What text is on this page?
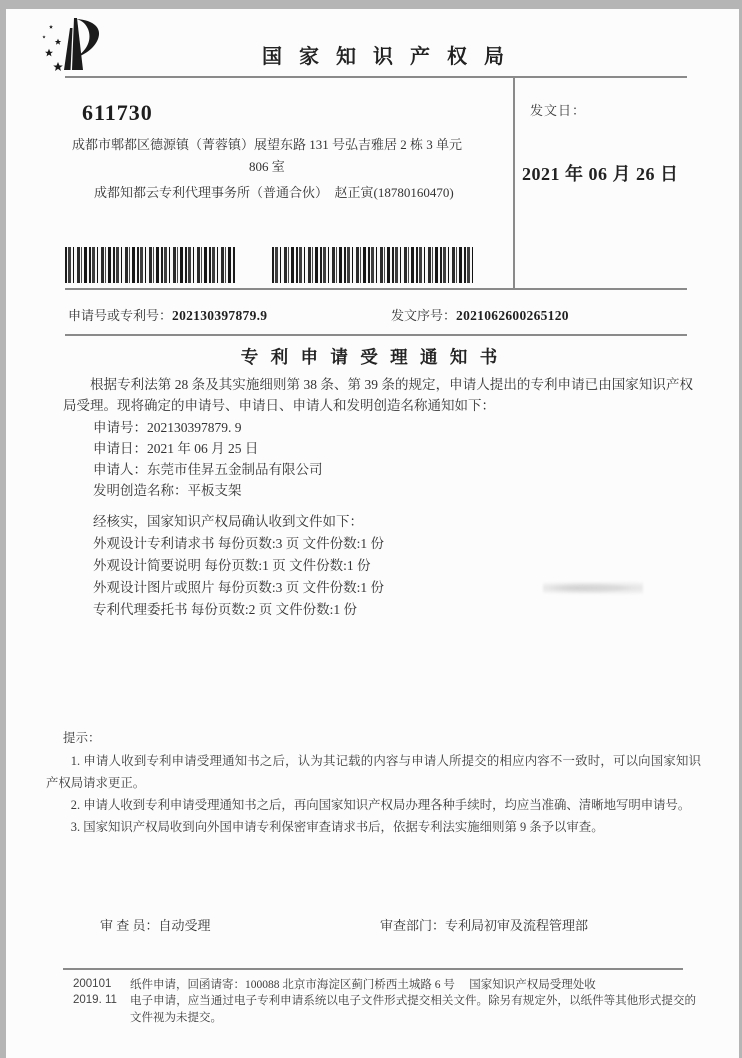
国 家 知 识 产 权 局
发文日：
2021 年 06 月 26 日
611730
成都市郫都区德源镇（菁蓉镇）展望东路 131 号弘吉雅居 2 栋 3 单元
806 室
成都知都云专利代理事务所（普通合伙）　赵正寅(18780160470)
申请号或专利号：202130397879.9	发文序号：2021062600265120
专 利 申 请 受 理 通 知 书
根据专利法第 28 条及其实施细则第 38 条、第 39 条的规定，申请人提出的专利申请已由国家知识产权局受理。现将确定的申请号、申请日、申请人和发明创造名称通知如下：
申请号：202130397879. 9
申请日：2021 年 06 月 25 日
申请人：东莞市佳昇五金制品有限公司
发明创造名称：平板支架
经核实，国家知识产权局确认收到文件如下：
外观设计专利请求书 每份页数:3 页 文件份数:1 份
外观设计简要说明 每份页数:1 页 文件份数:1 份
外观设计图片或照片 每份页数:3 页 文件份数:1 份
专利代理委托书 每份页数:2 页 文件份数:1 份
提示：

1. 申请人收到专利申请受理通知书之后，认为其记载的内容与申请人所提交的相应内容不一致时，可以向国家知识产权局请求更正。

2. 申请人收到专利申请受理通知书之后，再向国家知识产权局办理各种手续时，均应当准确、清晰地写明申请号。

3. 国家知识产权局收到向外国申请专利保密审查请求书后，依据专利法实施细则第 9 条予以审查。

审 查 员：自动受理	审查部门：专利局初审及流程管理部
200101
2019. 11
纸件申请，回函请寄：100088 北京市海淀区蓟门桥西土城路 6 号　 国家知识产权局受理处收
电子申请，应当通过电子专利申请系统以电子文件形式提交相关文件。除另有规定外，以纸件等其他形式提交的文件视为未提交。
